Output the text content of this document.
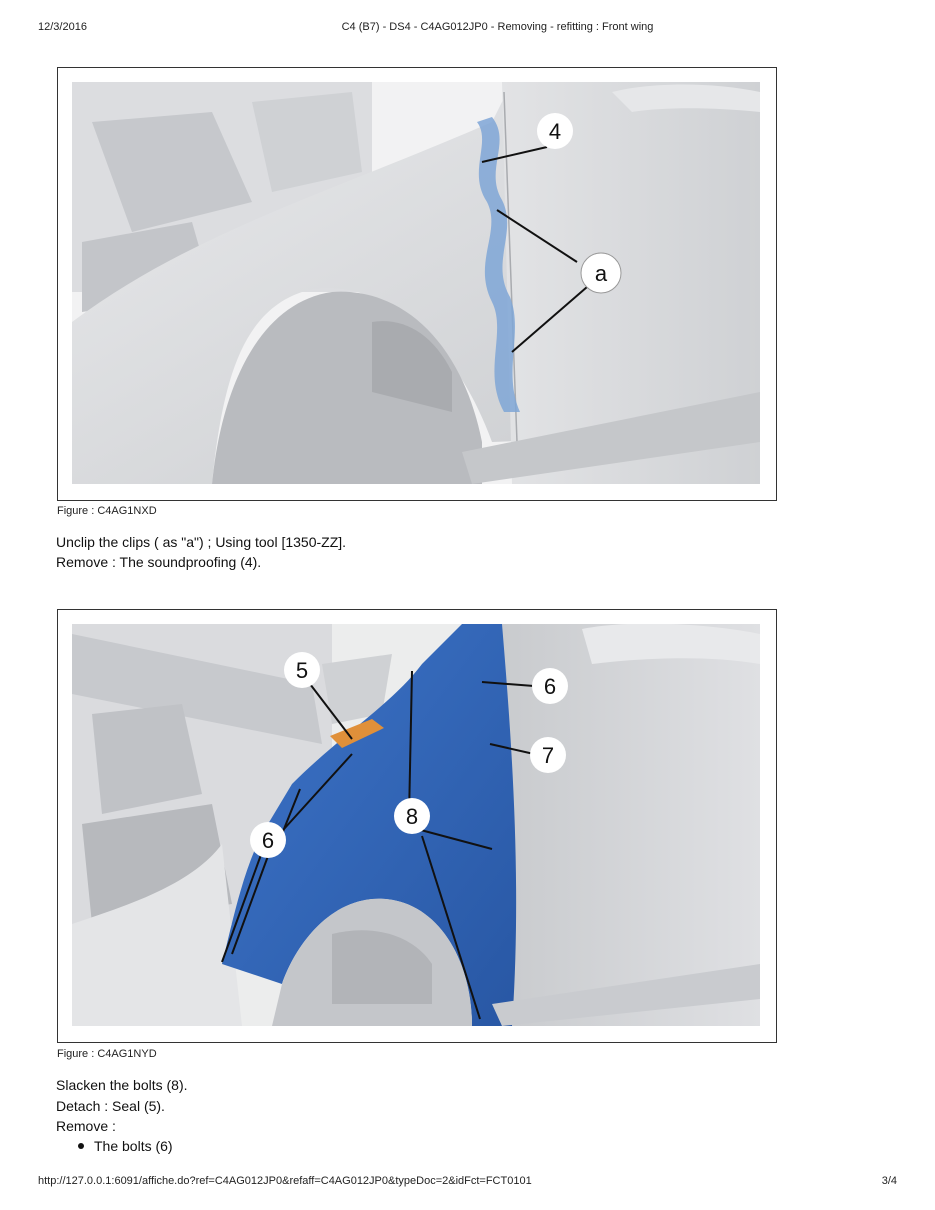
12/3/2016	C4 (B7) - DS4 - C4AG012JP0 - Removing - refitting : Front wing
4
a
Figure : C4AG1NXD
Unclip the clips ( as "a") ; Using tool [1350-ZZ].
Remove : The soundproofing (4).
5
6
7
8
6
Figure : C4AG1NYD
Slacken the bolts (8).
Detach : Seal (5).
Remove :
The bolts (6)
http://127.0.0.1:6091/affiche.do?ref=C4AG012JP0&refaff=C4AG012JP0&typeDoc=2&idFct=FCT0101	3/4
